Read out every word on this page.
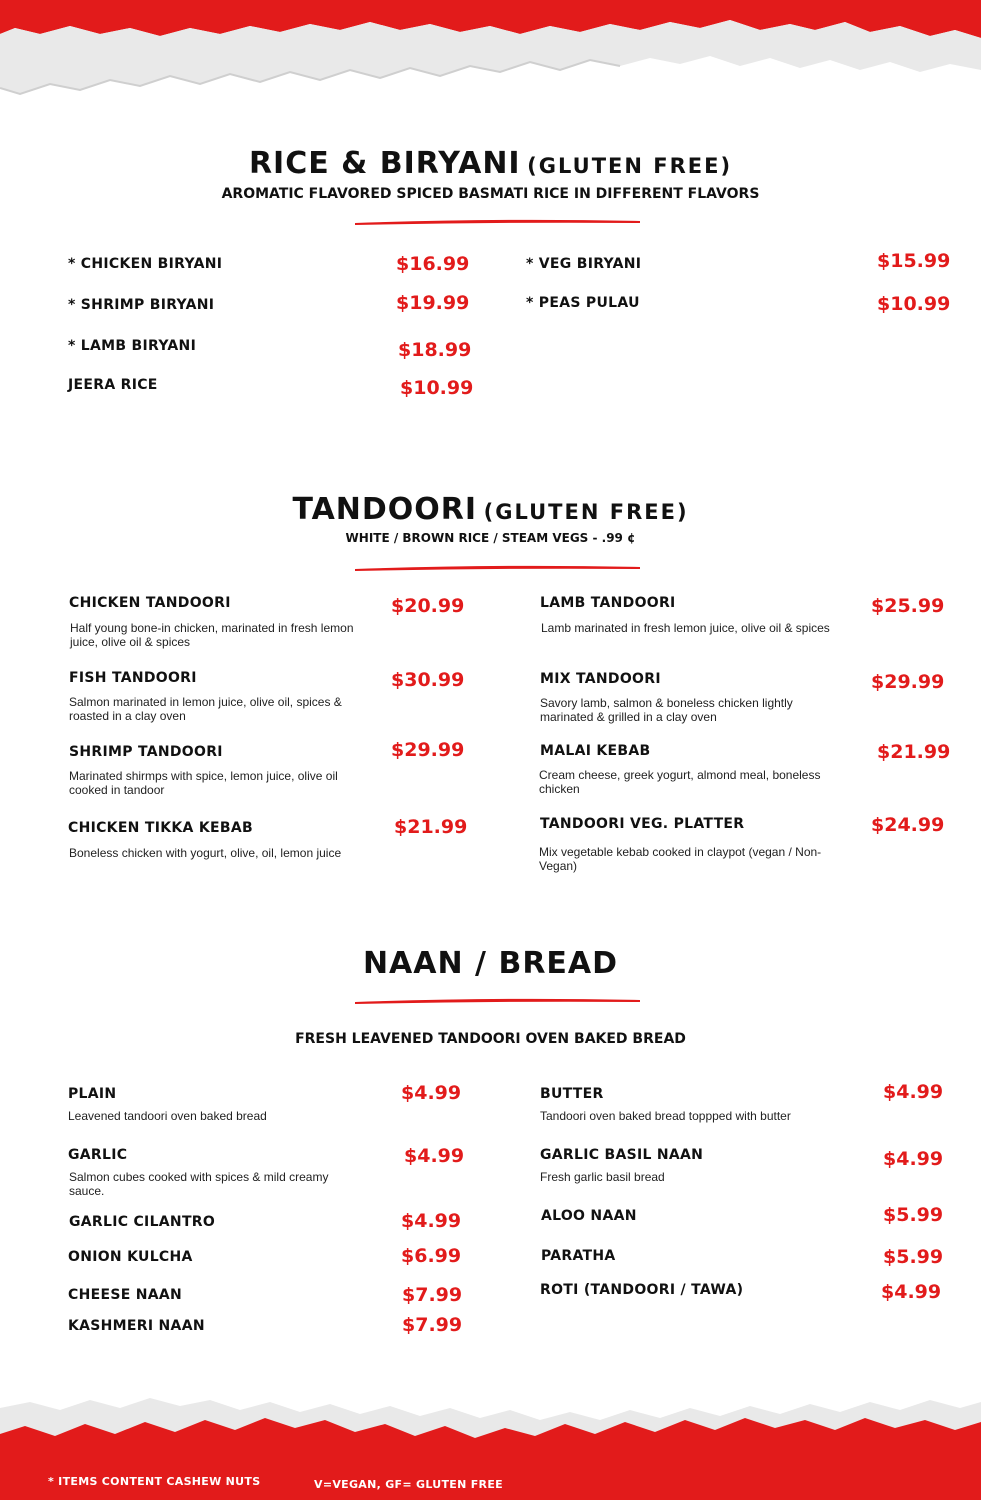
RICE & BIRYANI (GLUTEN FREE)
AROMATIC FLAVORED SPICED BASMATI RICE IN DIFFERENT FLAVORS
* CHICKEN BIRYANI	$16.99
* SHRIMP BIRYANI	$19.99
* LAMB BIRYANI	$18.99
JEERA RICE	$10.99
* VEG BIRYANI	$15.99
* PEAS PULAU	$10.99
TANDOORI (GLUTEN FREE)
WHITE / BROWN RICE / STEAM VEGS - .99 ¢
CHICKEN TANDOORI	$20.99
Half young bone-in chicken, marinated in fresh lemon juice, olive oil & spices
FISH TANDOORI	$30.99
Salmon marinated in lemon juice, olive oil, spices & roasted in a clay oven
SHRIMP TANDOORI	$29.99
Marinated shirmps with spice, lemon juice, olive oil cooked in tandoor
CHICKEN TIKKA KEBAB	$21.99
Boneless chicken with yogurt, olive, oil, lemon juice
LAMB TANDOORI	$25.99
Lamb marinated in fresh lemon juice, olive oil & spices
MIX TANDOORI	$29.99
Savory lamb, salmon & boneless chicken lightly marinated & grilled in a clay oven
MALAI KEBAB	$21.99
Cream cheese, greek yogurt, almond meal, boneless chicken
TANDOORI VEG. PLATTER	$24.99
Mix vegetable kebab cooked in claypot (vegan / Non-Vegan)
NAAN / BREAD
FRESH LEAVENED TANDOORI OVEN BAKED BREAD
PLAIN	$4.99
Leavened tandoori oven baked bread
GARLIC	$4.99
Salmon cubes cooked with spices & mild creamy sauce.
GARLIC CILANTRO	$4.99
ONION KULCHA	$6.99
CHEESE NAAN	$7.99
KASHMERI NAAN	$7.99
BUTTER	$4.99
Tandoori oven baked bread toppped with butter
GARLIC BASIL NAAN	$4.99
Fresh garlic basil bread
ALOO NAAN	$5.99
PARATHA	$5.99
ROTI (TANDOORI / TAWA)	$4.99
* ITEMS CONTENT CASHEW NUTS	V=VEGAN, GF= GLUTEN FREE
